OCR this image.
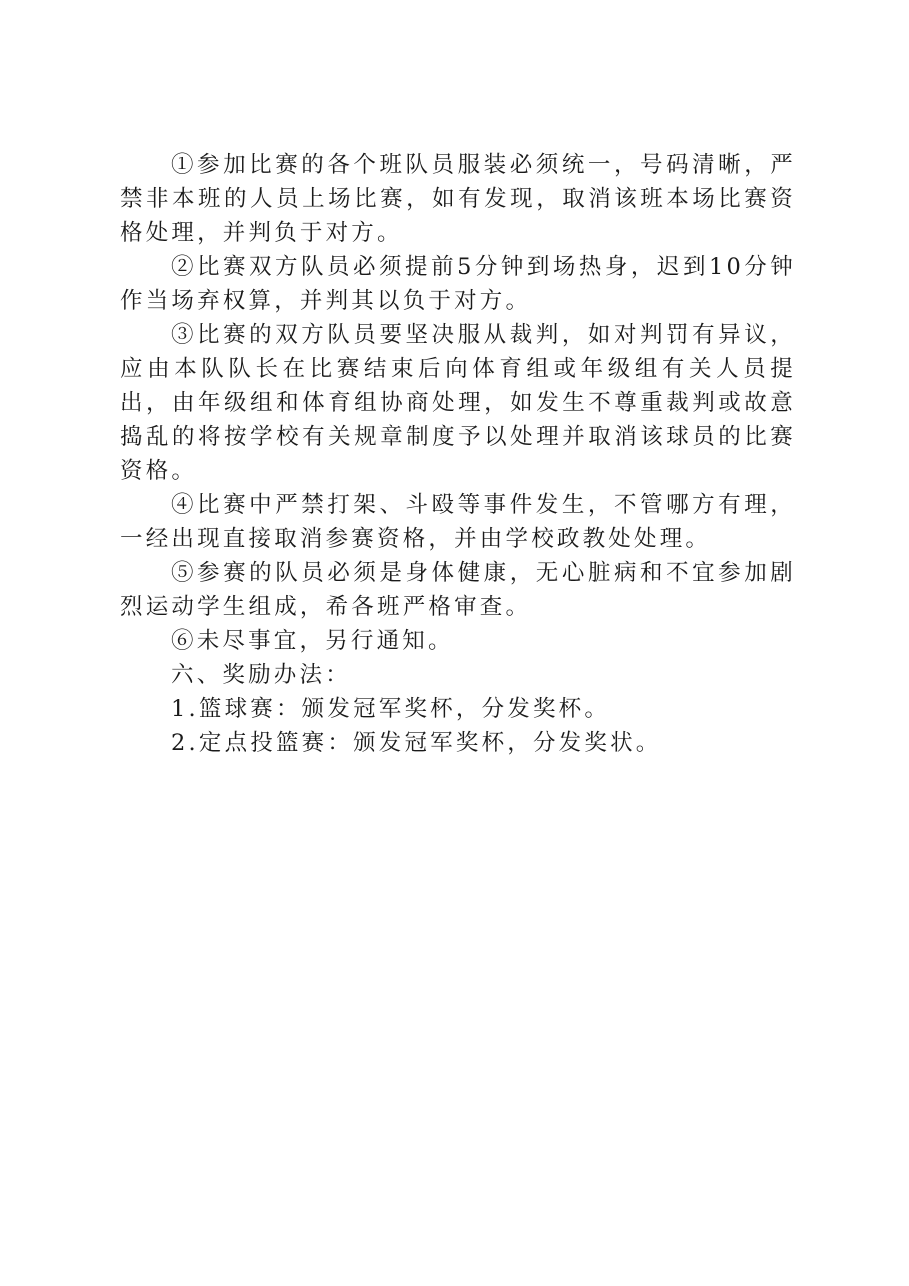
①参加比赛的各个班队员服装必须统一，号码清晰，严禁非本班的人员上场比赛，如有发现，取消该班本场比赛资格处理，并判负于对方。

②比赛双方队员必须提前5分钟到场热身，迟到10分钟作当场弃权算，并判其以负于对方。

③比赛的双方队员要坚决服从裁判，如对判罚有异议，应由本队队长在比赛结束后向体育组或年级组有关人员提出，由年级组和体育组协商处理，如发生不尊重裁判或故意捣乱的将按学校有关规章制度予以处理并取消该球员的比赛资格。

④比赛中严禁打架、斗殴等事件发生，不管哪方有理，一经出现直接取消参赛资格，并由学校政教处处理。

⑤参赛的队员必须是身体健康，无心脏病和不宜参加剧烈运动学生组成，希各班严格审查。

⑥未尽事宜，另行通知。

六、奖励办法：

1.篮球赛：颁发冠军奖杯，分发奖杯。

2.定点投篮赛：颁发冠军奖杯，分发奖状。
